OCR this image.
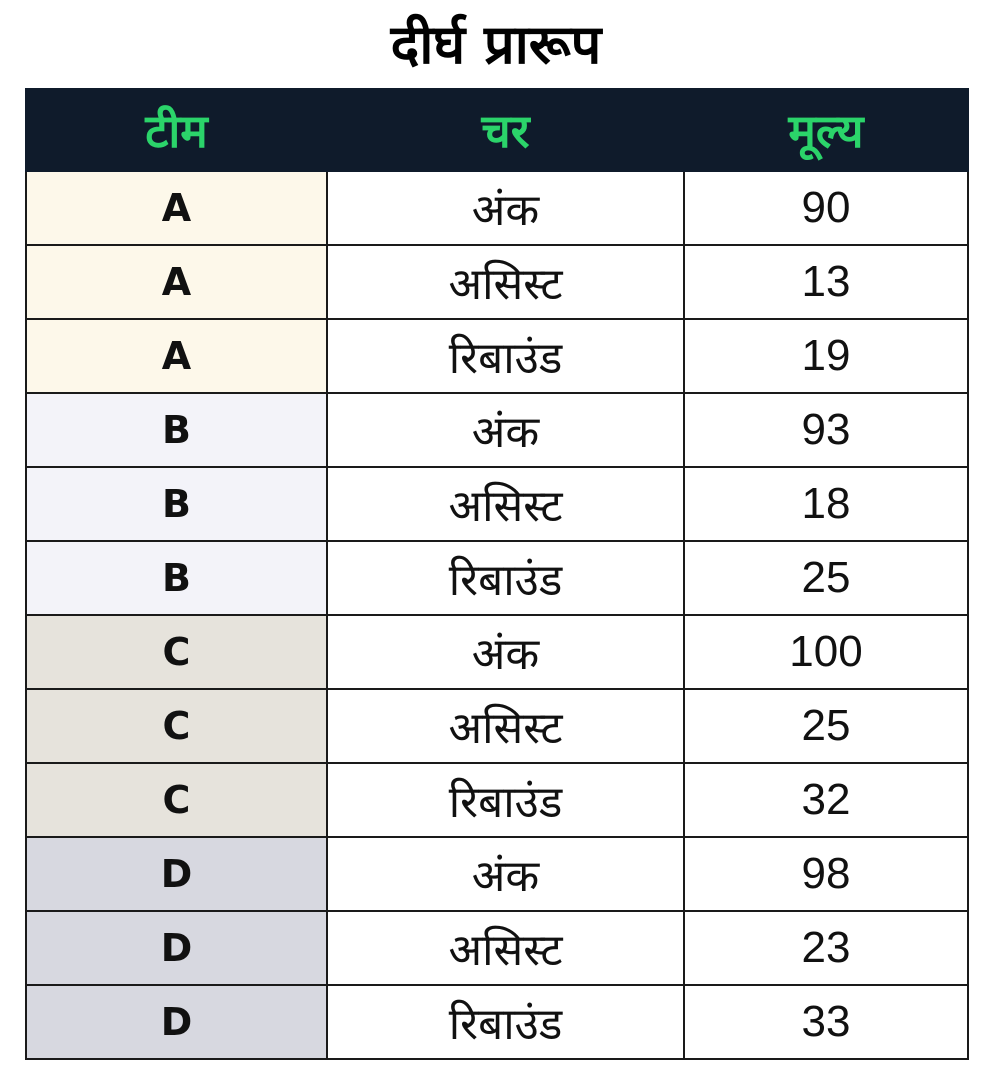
दीर्घ प्रारूप
टीम	चर	मूल्य
A	अंक	90
A	असिस्ट	13
A	रिबाउंड	19
B	अंक	93
B	असिस्ट	18
B	रिबाउंड	25
C	अंक	100
C	असिस्ट	25
C	रिबाउंड	32
D	अंक	98
D	असिस्ट	23
D	रिबाउंड	33
